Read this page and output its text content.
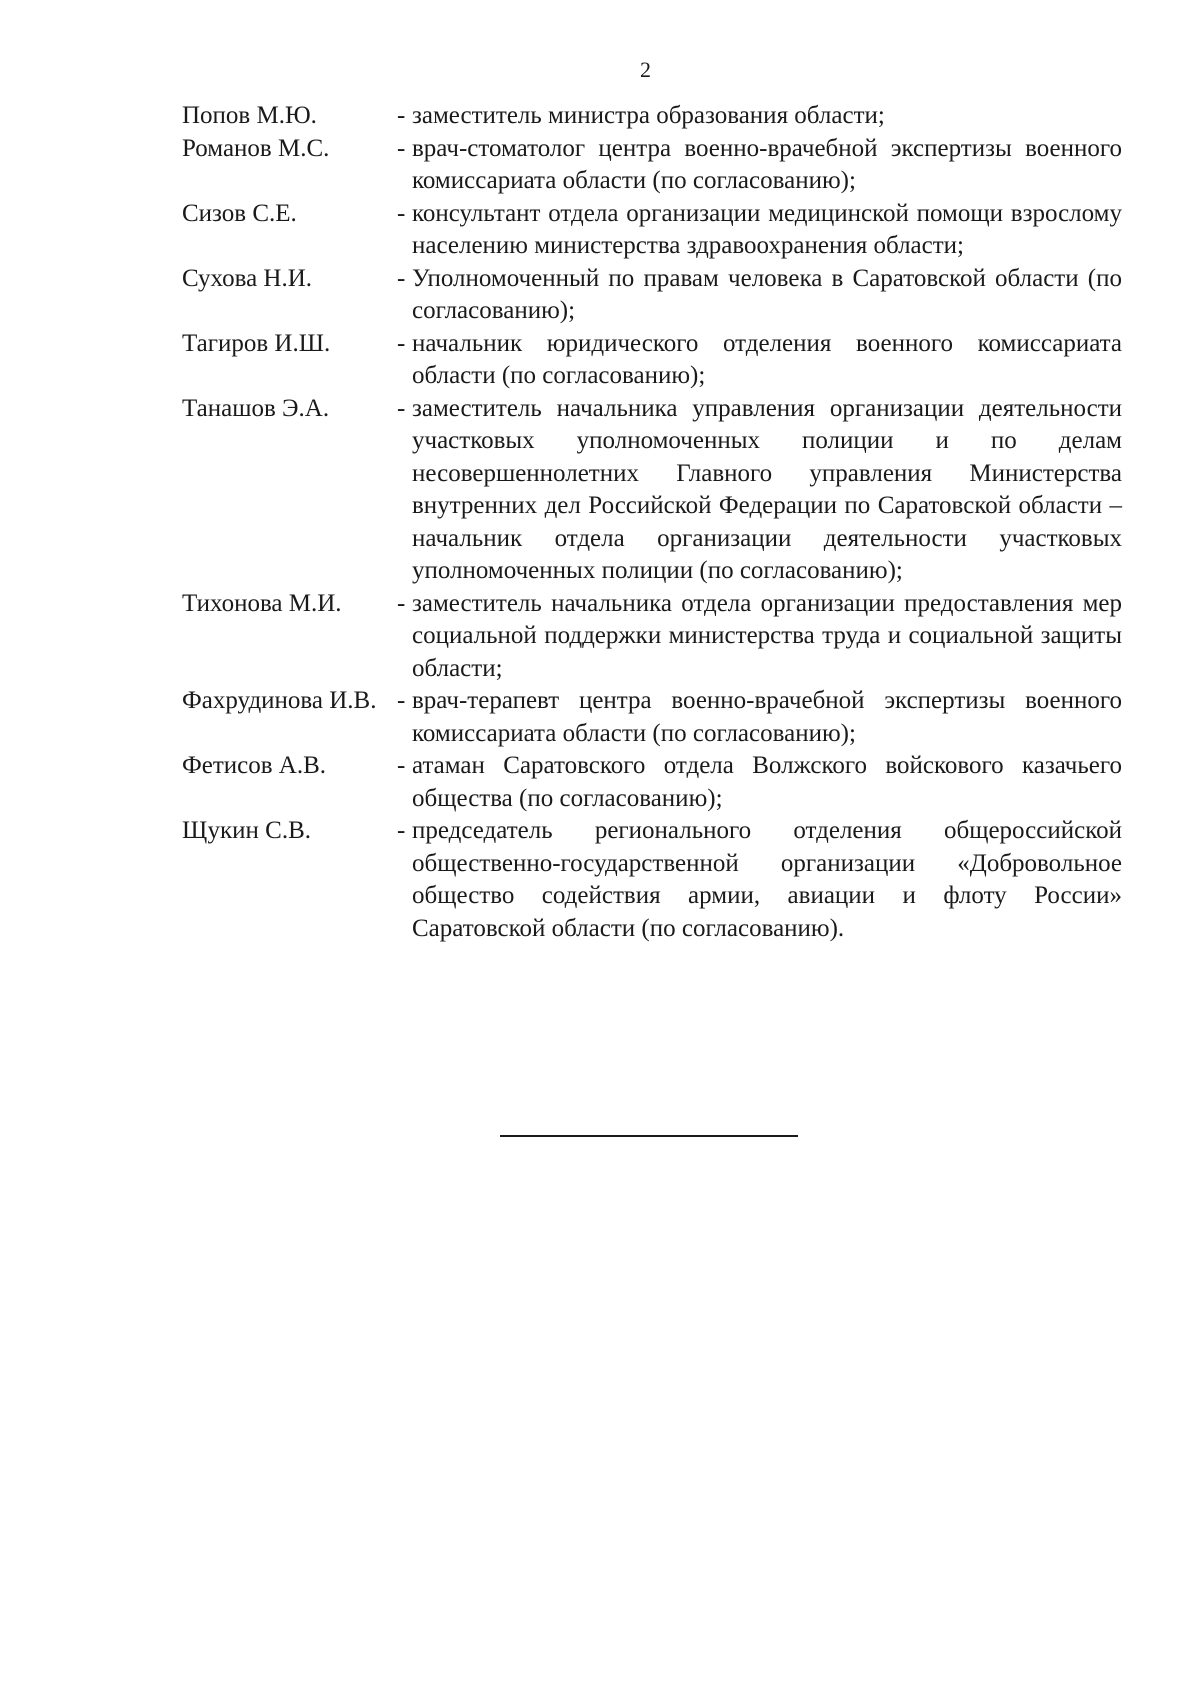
2
Попов М.Ю.	- заместитель министра образования области;
Романов М.С.	- врач-стоматолог центра военно-врачебной экспертизы военного комиссариата области (по согласованию);
Сизов С.Е.	- консультант отдела организации медицинской помощи взрослому населению министерства здравоохранения области;
Сухова Н.И.	- Уполномоченный по правам человека в Саратовской области (по согласованию);
Тагиров И.Ш.	- начальник юридического отделения военного комиссариата области (по согласованию);
Танашов Э.А.	- заместитель начальника управления организации деятельности участковых уполномоченных полиции и по делам несовершеннолетних Главного управления Министерства внутренних дел Российской Федерации по Саратовской области – начальник отдела организации деятельности участковых уполномоченных полиции (по согласованию);
Тихонова М.И.	- заместитель начальника отдела организации предоставления мер социальной поддержки министерства труда и социальной защиты области;
Фахрудинова И.В. - врач-терапевт центра военно-врачебной экспертизы военного комиссариата области (по согласованию);
Фетисов А.В.	- атаман Саратовского отдела Волжского войскового казачьего общества (по согласованию);
Щукин С.В.	- председатель регионального отделения общероссийской общественно-государственной организации «Добровольное общество содействия армии, авиации и флоту России» Саратовской области (по согласованию).
